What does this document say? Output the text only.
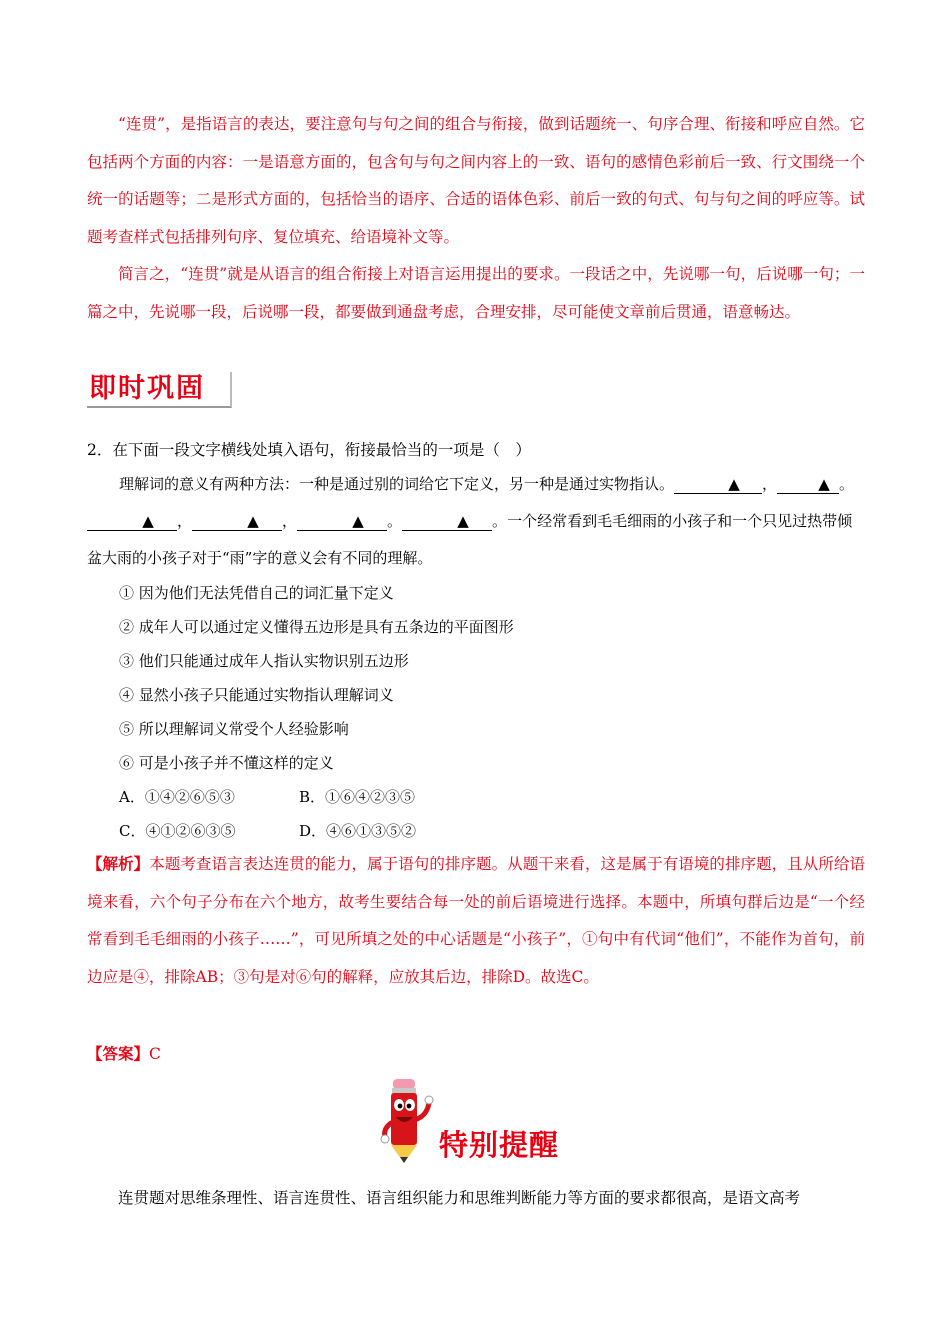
“连贯”，是指语言的表达，要注意句与句之间的组合与衔接，做到话题统一、句序合理、衔接和呼应自然。它包括两个方面的内容：一是语意方面的，包含句与句之间内容上的一致、语句的感情色彩前后一致、行文围绕一个统一的话题等；二是形式方面的，包括恰当的语序、合适的语体色彩、前后一致的句式、句与句之间的呼应等。试题考查样式包括排列句序、复位填充、给语境补文等。
简言之，“连贯”就是从语言的组合衔接上对语言运用提出的要求。一段话之中，先说哪一句，后说哪一句；一篇之中，先说哪一段，后说哪一段，都要做到通盘考虑，合理安排，尽可能使文章前后贯通，语意畅达。
即时巩固
2．在下面一段文字横线处填入语句，衔接最恰当的一项是（　）
理解词的意义有两种方法：一种是通过别的词给它下定义，另一种是通过实物指认。	▲ ，	▲ 。▲ ，	▲ ，	▲ 。	▲ 。一个经常看到毛毛细雨的小孩子和一个只见过热带倾盆大雨的小孩子对于“雨”字的意义会有不同的理解。
① 因为他们无法凭借自己的词汇量下定义
② 成年人可以通过定义懂得五边形是具有五条边的平面图形
③ 他们只能通过成年人指认实物识别五边形
④ 显然小孩子只能通过实物指认理解词义
⑤ 所以理解词义常受个人经验影响
⑥ 可是小孩子并不懂这样的定义
A．①④②⑥⑤③	B．①⑥④②③⑤
C．④①②⑥③⑤	D．④⑥①③⑤②
【解析】本题考查语言表达连贯的能力，属于语句的排序题。从题干来看，这是属于有语境的排序题，且从所给语境来看，六个句子分布在六个地方，故考生要结合每一处的前后语境进行选择。本题中，所填句群后边是“一个经常看到毛毛细雨的小孩子……”，可见所填之处的中心话题是“小孩子”，①句中有代词“他们”，不能作为首句，前边应是④，排除AB；③句是对⑥句的解释，应放其后边，排除D。故选C。
【答案】C
特别提醒
连贯题对思维条理性、语言连贯性、语言组织能力和思维判断能力等方面的要求都很高，是语文高考
